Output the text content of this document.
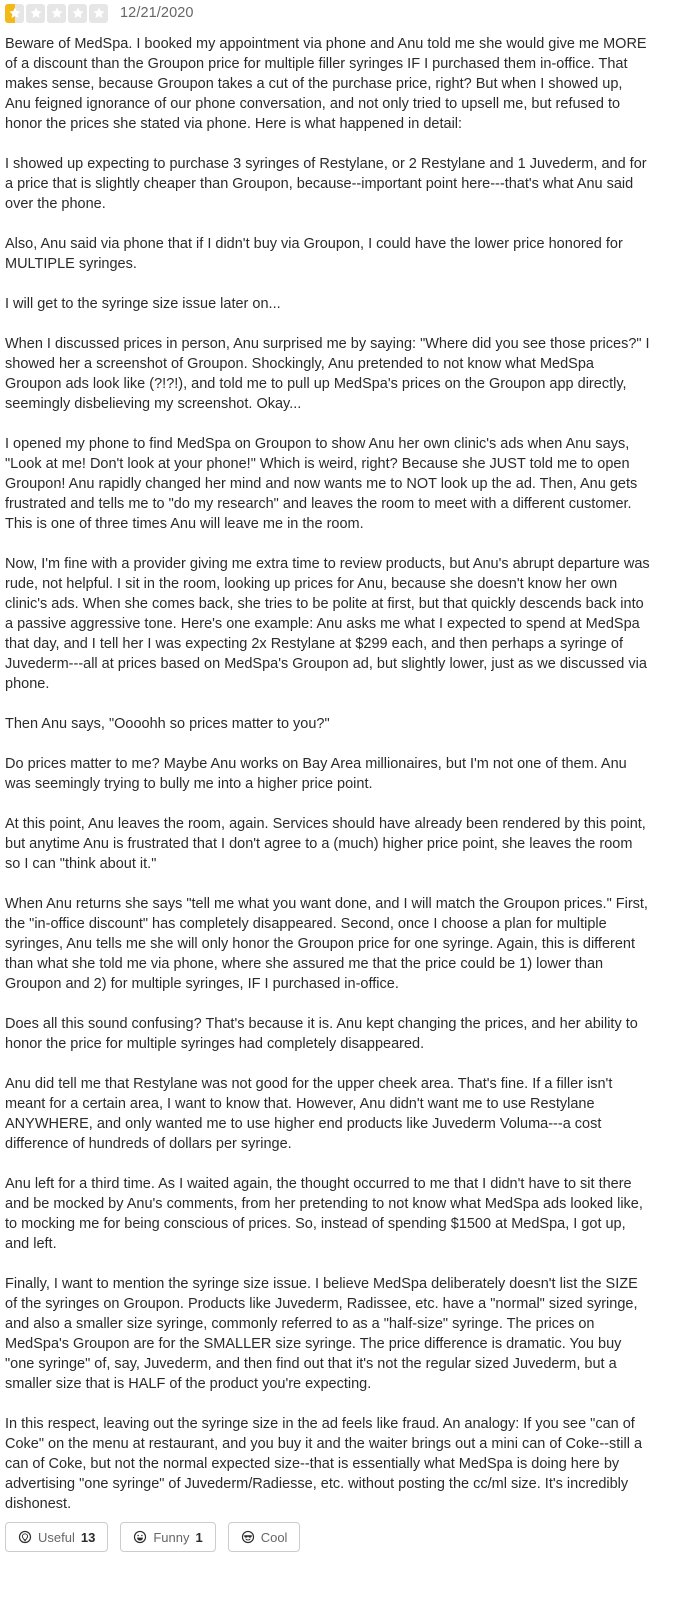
12/21/2020

Beware of MedSpa. I booked my appointment via phone and Anu told me she would give me MORE of a discount than the Groupon price for multiple filler syringes IF I purchased them in-office. That makes sense, because Groupon takes a cut of the purchase price, right? But when I showed up, Anu feigned ignorance of our phone conversation, and not only tried to upsell me, but refused to honor the prices she stated via phone. Here is what happened in detail:

I showed up expecting to purchase 3 syringes of Restylane, or 2 Restylane and 1 Juvederm, and for a price that is slightly cheaper than Groupon, because--important point here---that's what Anu said over the phone.

Also, Anu said via phone that if I didn't buy via Groupon, I could have the lower price honored for MULTIPLE syringes.

I will get to the syringe size issue later on...

When I discussed prices in person, Anu surprised me by saying: "Where did you see those prices?" I showed her a screenshot of Groupon. Shockingly, Anu pretended to not know what MedSpa Groupon ads look like (?!?!), and told me to pull up MedSpa's prices on the Groupon app directly, seemingly disbelieving my screenshot. Okay...

I opened my phone to find MedSpa on Groupon to show Anu her own clinic's ads when Anu says, "Look at me! Don't look at your phone!" Which is weird, right? Because she JUST told me to open Groupon! Anu rapidly changed her mind and now wants me to NOT look up the ad. Then, Anu gets frustrated and tells me to "do my research" and leaves the room to meet with a different customer. This is one of three times Anu will leave me in the room.

Now, I'm fine with a provider giving me extra time to review products, but Anu's abrupt departure was rude, not helpful. I sit in the room, looking up prices for Anu, because she doesn't know her own clinic's ads. When she comes back, she tries to be polite at first, but that quickly descends back into a passive aggressive tone. Here's one example: Anu asks me what I expected to spend at MedSpa that day, and I tell her I was expecting 2x Restylane at $299 each, and then perhaps a syringe of Juvederm---all at prices based on MedSpa's Groupon ad, but slightly lower, just as we discussed via phone.

Then Anu says, "Oooohh so prices matter to you?"

Do prices matter to me? Maybe Anu works on Bay Area millionaires, but I'm not one of them. Anu was seemingly trying to bully me into a higher price point.

At this point, Anu leaves the room, again. Services should have already been rendered by this point, but anytime Anu is frustrated that I don't agree to a (much) higher price point, she leaves the room so I can "think about it."

When Anu returns she says "tell me what you want done, and I will match the Groupon prices." First, the "in-office discount" has completely disappeared. Second, once I choose a plan for multiple syringes, Anu tells me she will only honor the Groupon price for one syringe. Again, this is different than what she told me via phone, where she assured me that the price could be 1) lower than Groupon and 2) for multiple syringes, IF I purchased in-office.

Does all this sound confusing? That's because it is. Anu kept changing the prices, and her ability to honor the price for multiple syringes had completely disappeared.

Anu did tell me that Restylane was not good for the upper cheek area. That's fine. If a filler isn't meant for a certain area, I want to know that. However, Anu didn't want me to use Restylane ANYWHERE, and only wanted me to use higher end products like Juvederm Voluma---a cost difference of hundreds of dollars per syringe.

Anu left for a third time. As I waited again, the thought occurred to me that I didn't have to sit there and be mocked by Anu's comments, from her pretending to not know what MedSpa ads looked like, to mocking me for being conscious of prices. So, instead of spending $1500 at MedSpa, I got up, and left.

Finally, I want to mention the syringe size issue. I believe MedSpa deliberately doesn't list the SIZE of the syringes on Groupon. Products like Juvederm, Radissee, etc. have a "normal" sized syringe, and also a smaller size syringe, commonly referred to as a "half-size" syringe. The prices on MedSpa's Groupon are for the SMALLER size syringe. The price difference is dramatic. You buy "one syringe" of, say, Juvederm, and then find out that it's not the regular sized Juvederm, but a smaller size that is HALF of the product you're expecting.

In this respect, leaving out the syringe size in the ad feels like fraud. An analogy: If you see "can of Coke" on the menu at restaurant, and you buy it and the waiter brings out a mini can of Coke--still a can of Coke, but not the normal expected size--that is essentially what MedSpa is doing here by advertising "one syringe" of Juvederm/Radiesse, etc. without posting the cc/ml size. It's incredibly dishonest.

Useful 13	Funny 1	Cool
